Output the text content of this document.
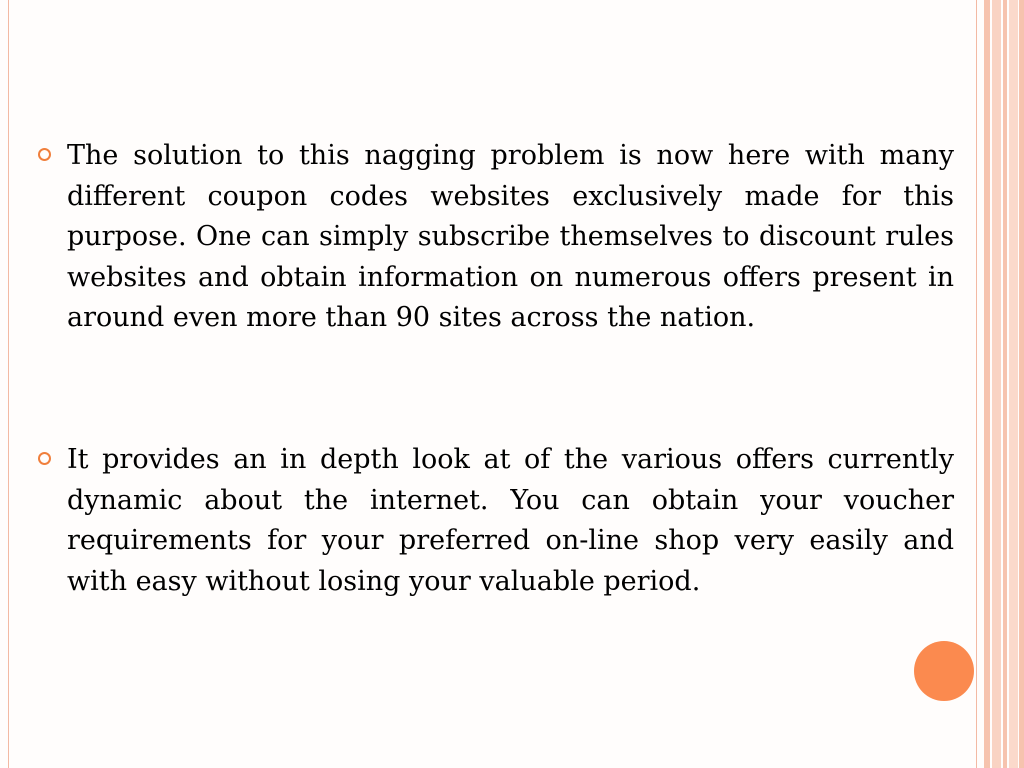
The solution to this nagging problem is now here with many different coupon codes websites exclusively made for this purpose. One can simply subscribe themselves to discount rules websites and obtain information on numerous offers present in around even more than 90 sites across the nation.
It provides an in depth look at of the various offers currently dynamic about the internet. You can obtain your voucher requirements for your preferred on-line shop very easily and with easy without losing your valuable period.
